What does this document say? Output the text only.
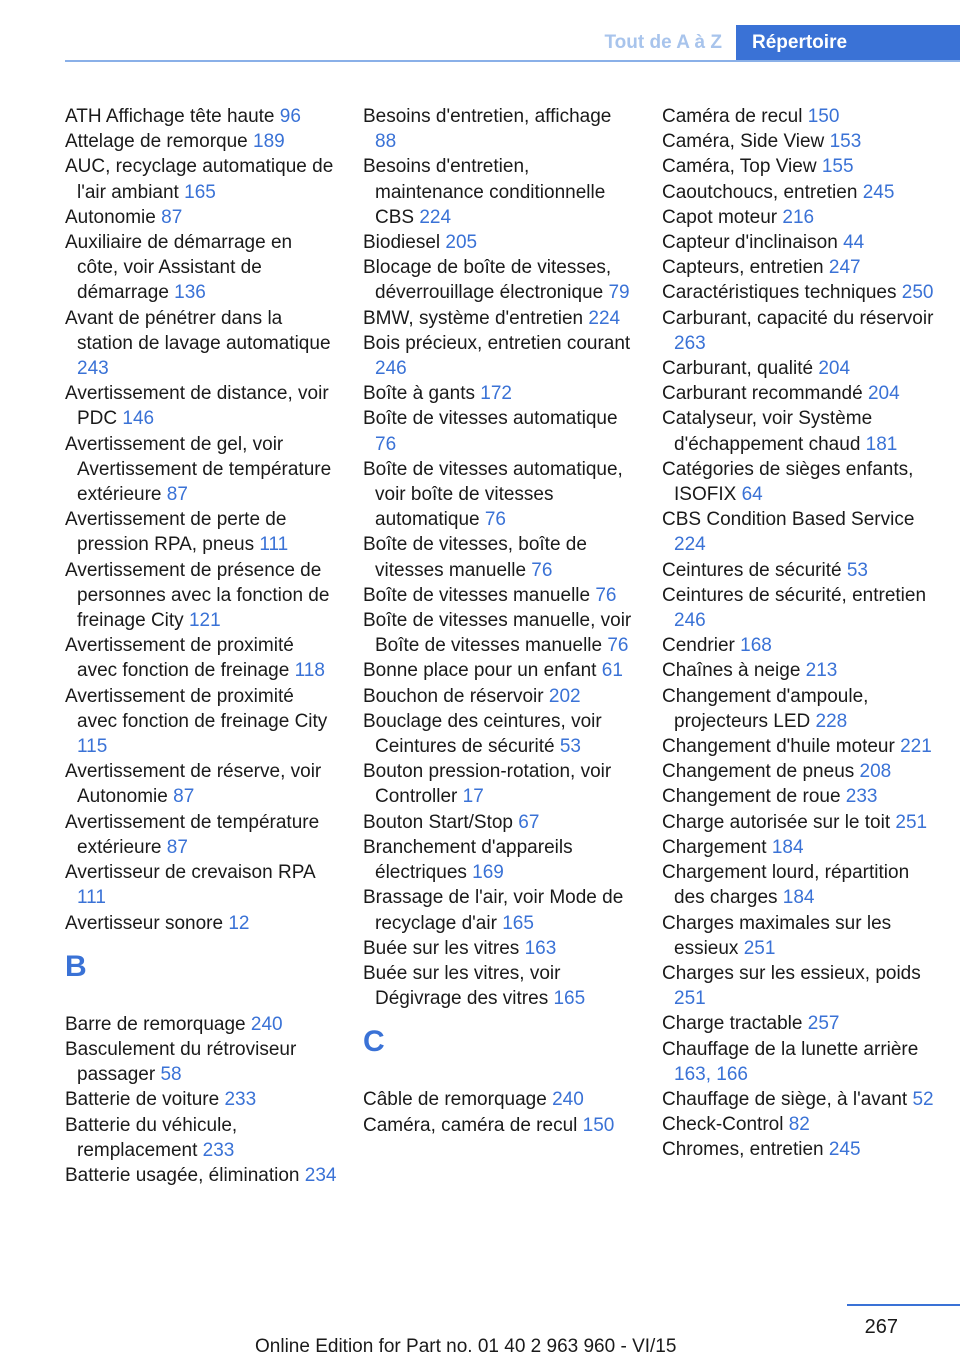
Tout de A à Z	Répertoire

ATH Affichage tête haute 96

Attelage de remorque 189

AUC, recyclage automatique de l'air ambiant 165

Autonomie 87

Auxiliaire de démarrage en côte, voir Assistant de démarrage 136

Avant de pénétrer dans la station de lavage automatique 243

Avertissement de distance, voir PDC 146

Avertissement de gel, voir Avertissement de température extérieure 87

Avertissement de perte de pression RPA, pneus 111

Avertissement de présence de personnes avec la fonction de freinage City 121

Avertissement de proximité avec fonction de freinage 118

Avertissement de proximité avec fonction de freinage City 115

Avertissement de réserve, voir Autonomie 87

Avertissement de température extérieure 87

Avertisseur de crevaison RPA 111

Avertisseur sonore 12

B

Barre de remorquage 240

Basculement du rétroviseur passager 58

Batterie de voiture 233

Batterie du véhicule, remplacement 233

Batterie usagée, élimination 234

Besoins d'entretien, affichage 88

Besoins d'entretien, maintenance conditionnelle CBS 224

Biodiesel 205

Blocage de boîte de vitesses, déverrouillage électronique 79

BMW, système d'entretien 224

Bois précieux, entretien courant 246

Boîte à gants 172

Boîte de vitesses automatique 76

Boîte de vitesses automatique, voir boîte de vitesses automatique 76

Boîte de vitesses, boîte de vitesses manuelle 76

Boîte de vitesses manuelle 76

Boîte de vitesses manuelle, voir Boîte de vitesses manuelle 76

Bonne place pour un enfant 61

Bouchon de réservoir 202

Bouclage des ceintures, voir Ceintures de sécurité 53

Bouton pression-rotation, voir Controller 17

Bouton Start/Stop 67

Branchement d'appareils électriques 169

Brassage de l'air, voir Mode de recyclage d'air 165

Buée sur les vitres 163

Buée sur les vitres, voir Dégivrage des vitres 165

C

Câble de remorquage 240

Caméra, caméra de recul 150

Caméra de recul 150

Caméra, Side View 153

Caméra, Top View 155

Caoutchoucs, entretien 245

Capot moteur 216

Capteur d'inclinaison 44

Capteurs, entretien 247

Caractéristiques techniques 250

Carburant, capacité du réservoir 263

Carburant, qualité 204

Carburant recommandé 204

Catalyseur, voir Système d'échappement chaud 181

Catégories de sièges enfants, ISOFIX 64

CBS Condition Based Service 224

Ceintures de sécurité 53

Ceintures de sécurité, entretien 246

Cendrier 168

Chaînes à neige 213

Changement d'ampoule, projecteurs LED 228

Changement d'huile moteur 221

Changement de pneus 208

Changement de roue 233

Charge autorisée sur le toit 251

Chargement 184

Chargement lourd, répartition des charges 184

Charges maximales sur les essieux 251

Charges sur les essieux, poids 251

Charge tractable 257

Chauffage de la lunette arrière 163, 166

Chauffage de siège, à l'avant 52

Check-Control 82

Chromes, entretien 245

267
Online Edition for Part no. 01 40 2 963 960 - VI/15
